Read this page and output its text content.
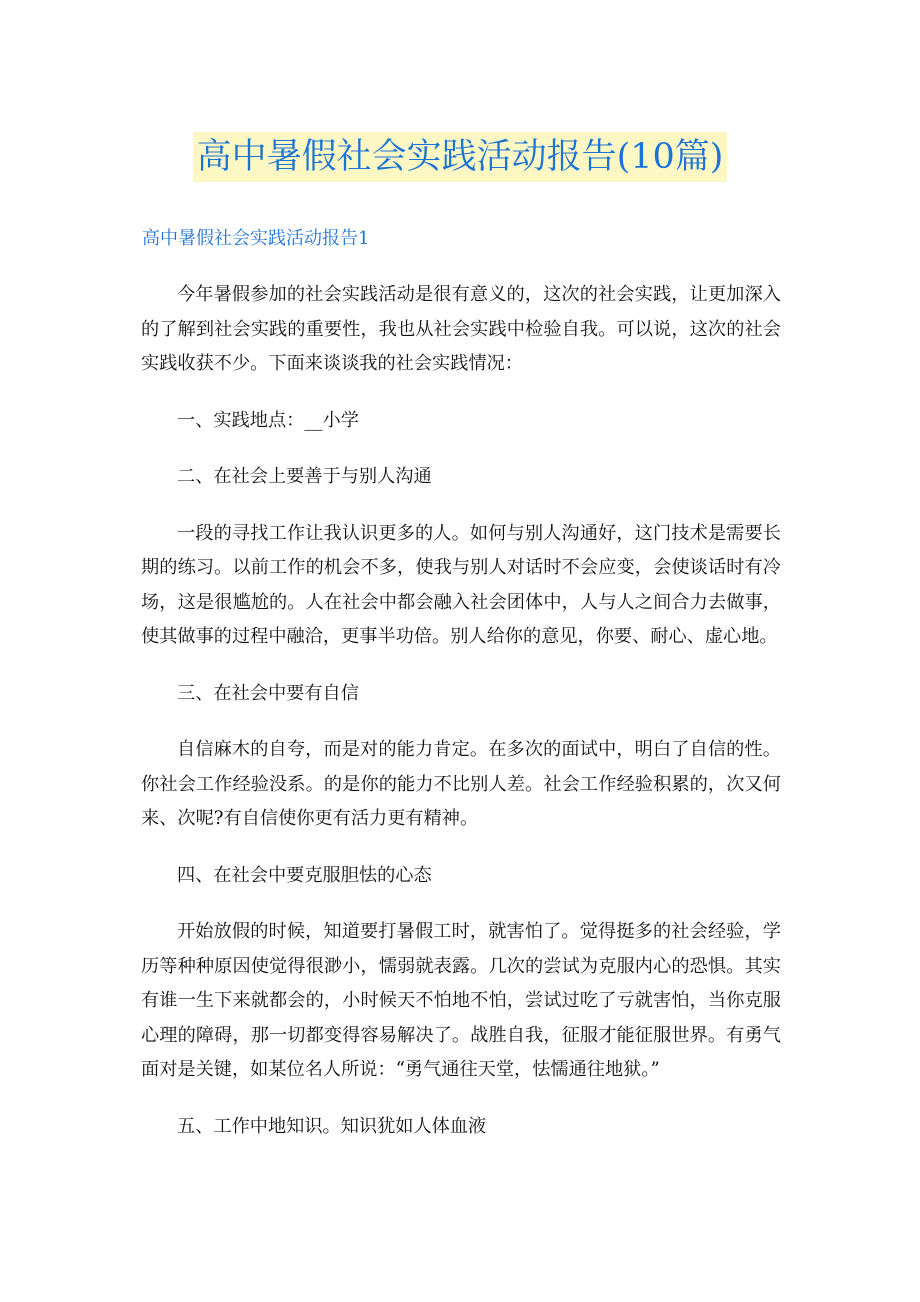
高中暑假社会实践活动报告(10篇)
高中暑假社会实践活动报告1

今年暑假参加的社会实践活动是很有意义的，这次的社会实践，让更加深入的了解到社会实践的重要性，我也从社会实践中检验自我。可以说，这次的社会实践收获不少。下面来谈谈我的社会实践情况：

一、实践地点：__小学

二、在社会上要善于与别人沟通

一段的寻找工作让我认识更多的人。如何与别人沟通好，这门技术是需要长期的练习。以前工作的机会不多，使我与别人对话时不会应变，会使谈话时有冷场，这是很尴尬的。人在社会中都会融入社会团体中，人与人之间合力去做事，使其做事的过程中融洽，更事半功倍。别人给你的意见，你要、耐心、虚心地。

三、在社会中要有自信

自信麻木的自夸，而是对的能力肯定。在多次的面试中，明白了自信的性。你社会工作经验没系。的是你的能力不比别人差。社会工作经验积累的，次又何来、次呢?有自信使你更有活力更有精神。

四、在社会中要克服胆怯的心态

开始放假的时候，知道要打暑假工时，就害怕了。觉得挺多的社会经验，学历等种种原因使觉得很渺小，懦弱就表露。几次的尝试为克服内心的恐惧。其实有谁一生下来就都会的，小时候天不怕地不怕，尝试过吃了亏就害怕，当你克服心理的障碍，那一切都变得容易解决了。战胜自我，征服才能征服世界。有勇气面对是关键，如某位名人所说：“勇气通往天堂，怯懦通往地狱。”

五、工作中地知识。知识犹如人体血液
